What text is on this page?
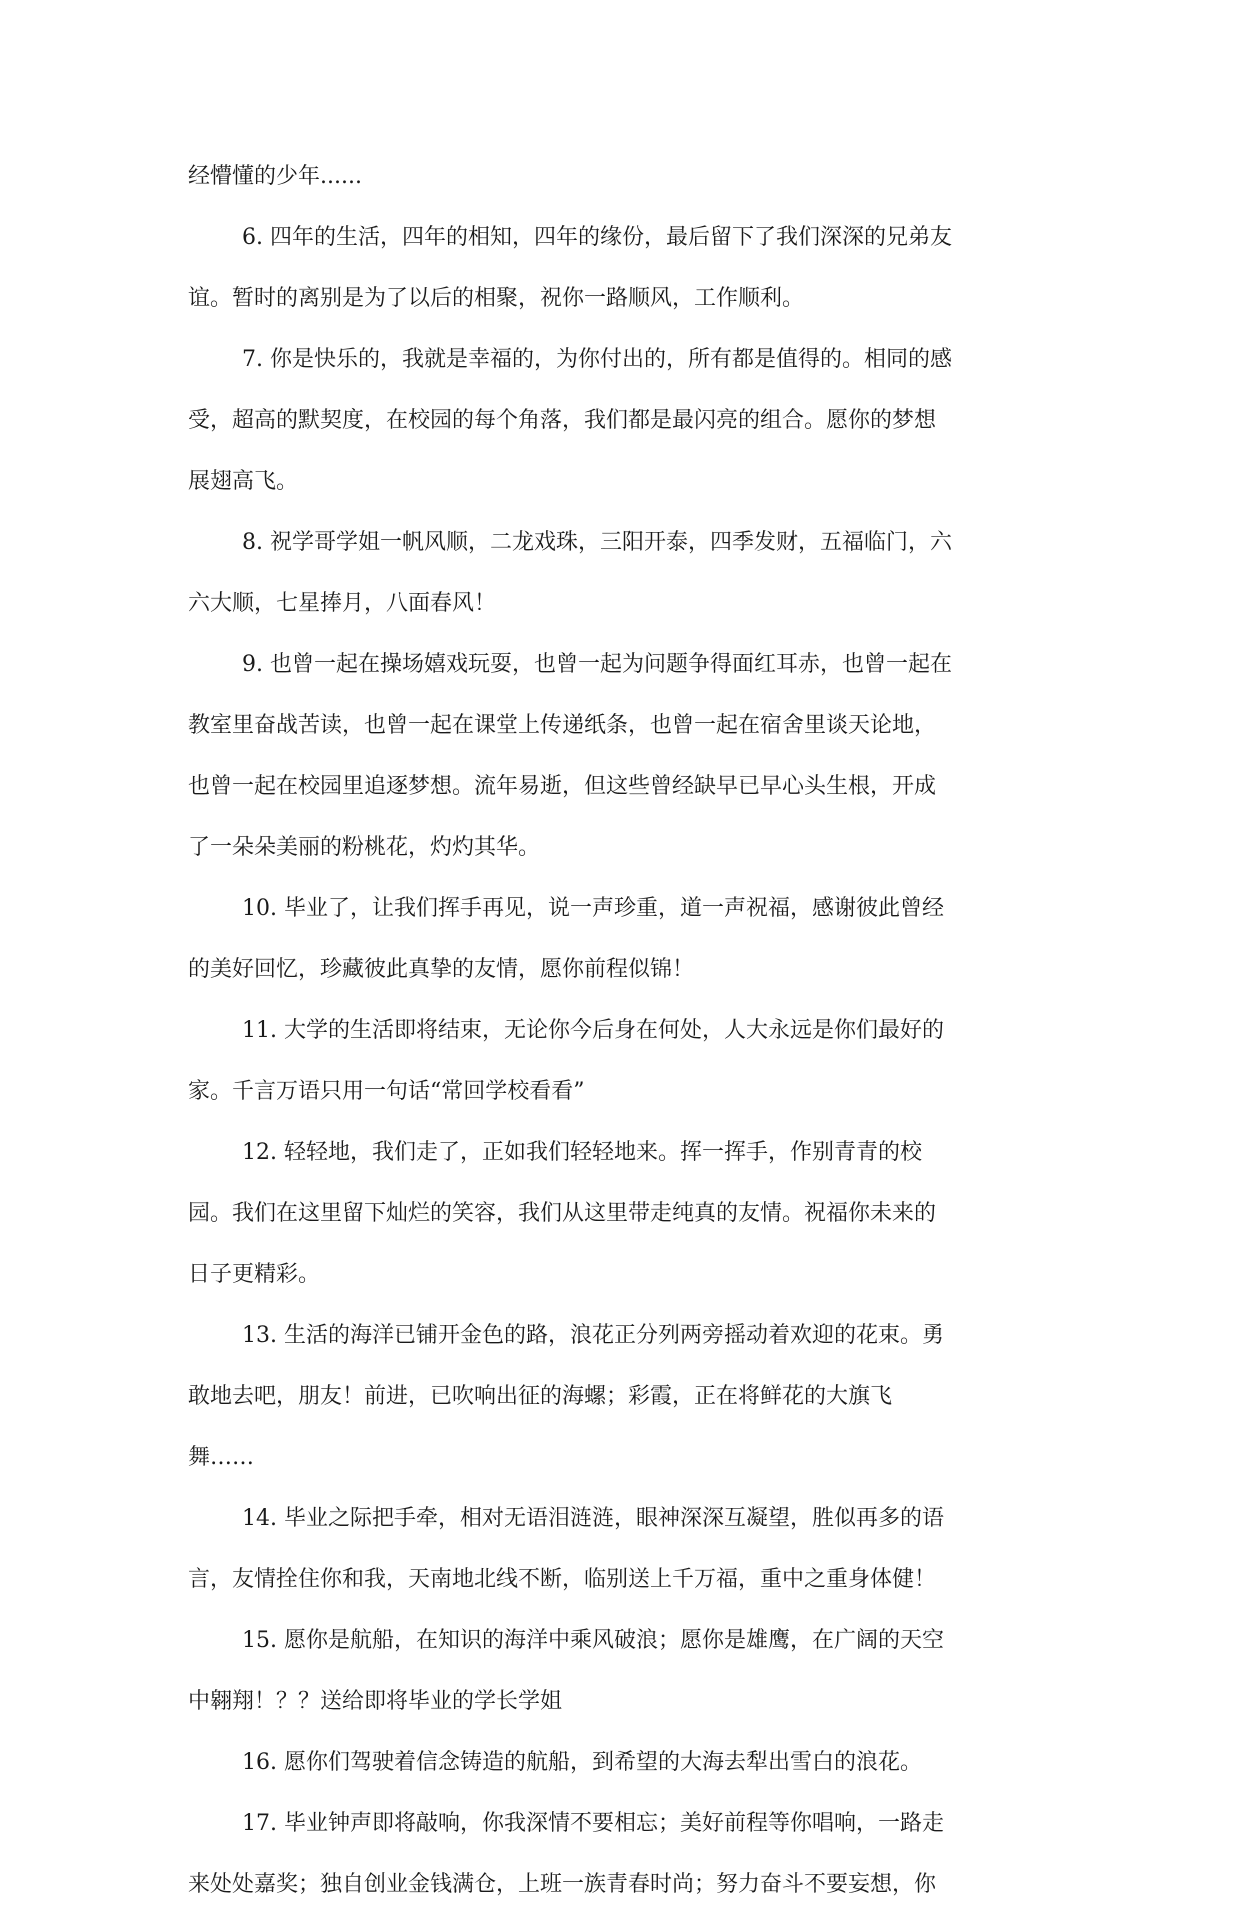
经懵懂的少年......
6. 四年的生活，四年的相知，四年的缘份，最后留下了我们深深的兄弟友
谊。暂时的离别是为了以后的相聚，祝你一路顺风，工作顺利。
7. 你是快乐的，我就是幸福的，为你付出的，所有都是值得的。相同的感
受，超高的默契度，在校园的每个角落，我们都是最闪亮的组合。愿你的梦想
展翅高飞。
8. 祝学哥学姐一帆风顺，二龙戏珠，三阳开泰，四季发财，五福临门，六
六大顺，七星捧月，八面春风！
9. 也曾一起在操场嬉戏玩耍，也曾一起为问题争得面红耳赤，也曾一起在
教室里奋战苦读，也曾一起在课堂上传递纸条，也曾一起在宿舍里谈天论地，
也曾一起在校园里追逐梦想。流年易逝，但这些曾经缺早已早心头生根，开成
了一朵朵美丽的粉桃花，灼灼其华。
10. 毕业了，让我们挥手再见，说一声珍重，道一声祝福，感谢彼此曾经
的美好回忆，珍藏彼此真挚的友情，愿你前程似锦！
11. 大学的生活即将结束，无论你今后身在何处，人大永远是你们最好的
家。千言万语只用一句话“常回学校看看”
12. 轻轻地，我们走了，正如我们轻轻地来。挥一挥手，作别青青的校
园。我们在这里留下灿烂的笑容，我们从这里带走纯真的友情。祝福你未来的
日子更精彩。
13. 生活的海洋已铺开金色的路，浪花正分列两旁摇动着欢迎的花束。勇
敢地去吧，朋友！前进，已吹响出征的海螺；彩霞，正在将鲜花的大旗飞
舞……
14. 毕业之际把手牵，相对无语泪涟涟，眼神深深互凝望，胜似再多的语
言，友情拴住你和我，天南地北线不断，临别送上千万福，重中之重身体健！
15. 愿你是航船，在知识的海洋中乘风破浪；愿你是雄鹰，在广阔的天空
中翱翔！？？送给即将毕业的学长学姐
16. 愿你们驾驶着信念铸造的航船，到希望的大海去犁出雪白的浪花。
17. 毕业钟声即将敲响，你我深情不要相忘；美好前程等你唱响，一路走
来处处嘉奖；独自创业金钱满仓，上班一族青春时尚；努力奋斗不要妄想，你
